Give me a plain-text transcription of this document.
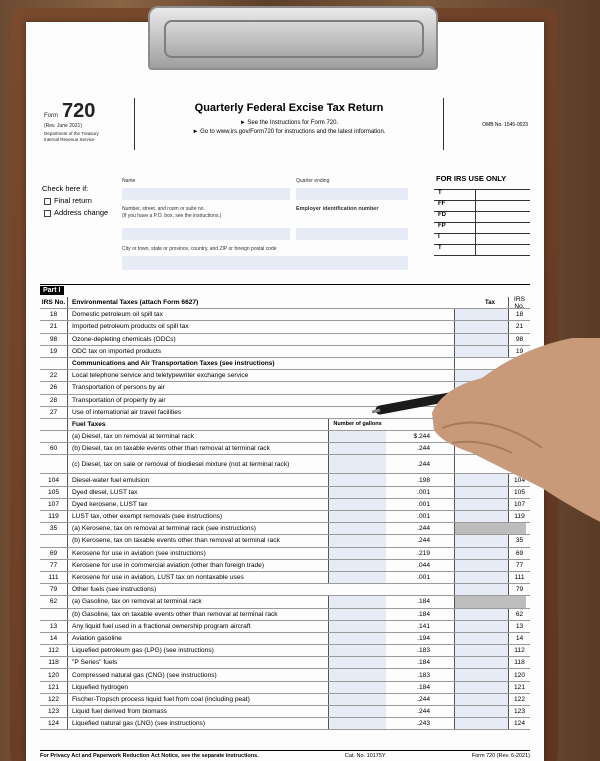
Form 720
(Rev. June 2021)
Department of the Treasury
Internal Revenue Service
Quarterly Federal Excise Tax Return
► See the Instructions for Form 720.
► Go to www.irs.gov/Form720 for instructions and the latest information.
OMB No. 1545-0023
Check here if:
Final return
Address change
Name	Quarter ending
Number, street, and room or suite no.
(If you have a P.O. box, see the instructions.)
Employer identification number
City or town, state or province, country, and ZIP or foreign postal code
FOR IRS USE ONLY
T
FF
FD
FP
I
T
Part I
IRS No.	Environmental Taxes (attach Form 6627)	Tax	IRS No.
18	Domestic petroleum oil spill tax	18
21	Imported petroleum products oil spill tax	21
98	Ozone-depleting chemicals (ODCs)	98
19	ODC tax on imported products	19
Communications and Air Transportation Taxes (see instructions)
22	Local telephone service and teletypewriter exchange service
26	Transportation of persons by air
28	Transportation of property by air
27	Use of international air travel facilities
Fuel Taxes	Number of gallons
(a) Diesel, tax on removal at terminal rack	$.244
60	(b) Diesel, tax on taxable events other than removal at terminal rack	.244
(c) Diesel, tax on sale or removal of biodiesel mixture (not at terminal rack)	.244
104	Diesel-water fuel emulsion	.198	104
105	Dyed diesel, LUST tax	.001	105
107	Dyed kerosene, LUST tax	.001	107
119	LUST tax, other exempt removals (see instructions)	.001	119
35	(a) Kerosene, tax on removal at terminal rack (see instructions)	.244
(b) Kerosene, tax on taxable events other than removal at terminal rack	.244	35
69	Kerosene for use in aviation (see instructions)	.219	69
77	Kerosene for use in commercial aviation (other than foreign trade)	.044	77
111	Kerosene for use in aviation, LUST tax on nontaxable uses	.001	111
79	Other fuels (see instructions)	79
62	(a) Gasoline, tax on removal at terminal rack	.184
(b) Gasoline, tax on taxable events other than removal at terminal rack	.184	62
13	Any liquid fuel used in a fractional ownership program aircraft	.141	13
14	Aviation gasoline	.194	14
112	Liquefied petroleum gas (LPG) (see instructions)	.183	112
118	"P Series" fuels	.184	118
120	Compressed natural gas (CNG) (see instructions)	.183	120
121	Liquefied hydrogen	.184	121
122	Fischer-Tropsch process liquid fuel from coal (including peat)	.244	122
123	Liquid fuel derived from biomass	.244	123
124	Liquefied natural gas (LNG) (see instructions)	.243	124
For Privacy Act and Paperwork Reduction Act Notice, see the separate instructions.	Cat. No. 10175Y	Form 720 (Rev. 6-2021)
